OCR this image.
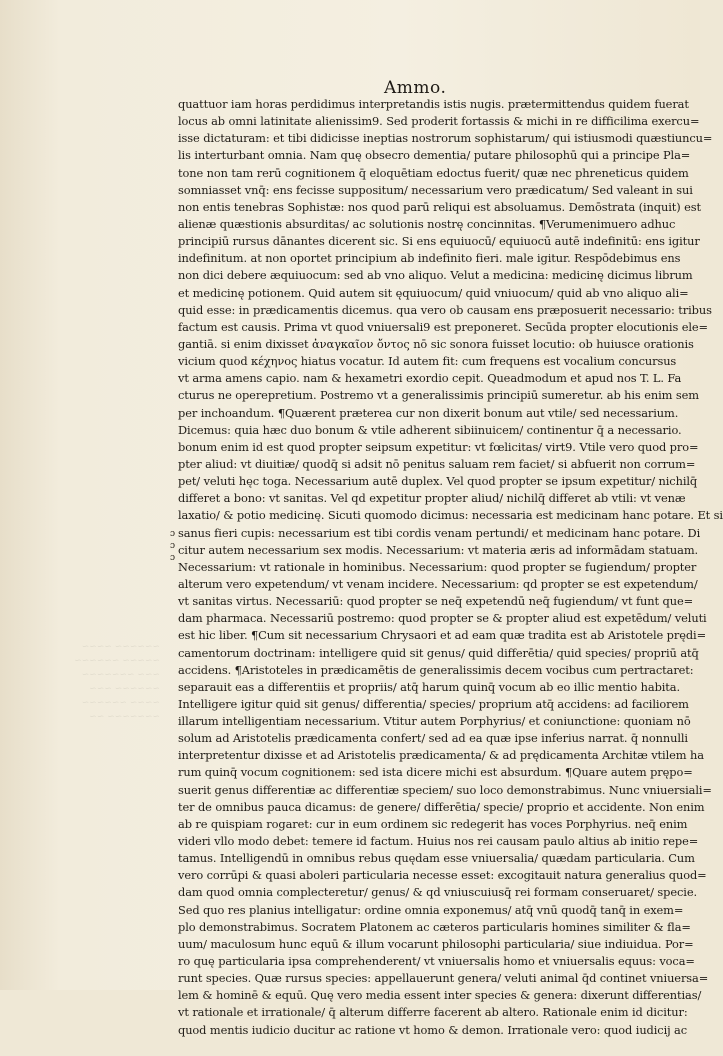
~~~~~~ ~~~~
~~~~~ ~~~~~~
~~~ ~~~~~~~
~~~~~~ ~~~
~~~~ ~~~~~~
~~~~~~~ ~~
Ammo.
ɔ
ɔ
ɔ
quattuor iam horas perdidimus interpretandis istis nugis. prætermittendus quidem fuerat
locus ab omni latinitate alienissim9. Sed proderit fortassis & michi in re difficilima exercu=
isse dictaturam: et tibi didicisse ineptias nostrorum sophistarum/ qui istiusmodi quæstiuncu=
lis interturbant omnia. Nam quę obsecro dementia/ putare philosophū qui a principe Pla=
tone non tam rerū cognitionem q̄ eloquētiam edoctus fuerit/ quæ nec phreneticus quidem
somniasset vnq̄: ens fecisse suppositum/ necessarium vero prædicatum/ Sed valeant in sui
non entis tenebras Sophistæ: nos quod parū reliqui est absoluamus. Demōstrata (inquit) est
alienæ quæstionis absurditas/ ac solutionis nostrę concinnitas. ¶Verumenimuero adhuc
principiū rursus dānantes dicerent sic. Si ens equiuocū/ equiuocū autē indefinitū: ens igitur
indefinitum. at non oportet principium ab indefinito fieri. male igitur. Respōdebimus ens
non dici debere æquiuocum: sed ab vno aliquo. Velut a medicina: medicinę dicimus librum
et medicinę potionem. Quid autem sit ęquiuocum/ quid vniuocum/ quid ab vno aliquo ali=
quid esse: in prædicamentis dicemus. qua vero ob causam ens præposuerit necessario: tribus
factum est causis. Prima vt quod vniuersali9 est preponeret. Secūda propter elocutionis ele=
gantiā. si enim dixisset ἀναγκαῖον ὄντος nō sic sonora fuisset locutio: ob huiusce orationis
vicium quod κέχηνος hiatus vocatur. Id autem fit: cum frequens est vocalium concursus
vt arma amens capio. nam & hexametri exordio cepit. Queadmodum et apud nos T. L. Fa
cturus ne operepretium. Postremo vt a generalissimis principiū sumeretur. ab his enim sem
per inchoandum. ¶Quærent præterea cur non dixerit bonum aut vtile/ sed necessarium.
Dicemus: quia hæc duo bonum & vtile adherent sibiinuicem/ continentur q̄ a necessario.
bonum enim id est quod propter seipsum expetitur: vt fœlicitas/ virt9. Vtile vero quod pro=
pter aliud: vt diuitiæ/ quodq̄ si adsit nō penitus saluam rem faciet/ si abfuerit non corrum=
pet/ veluti hęc toga. Necessarium autē duplex. Vel quod propter se ipsum expetitur/ nichilq̄
differet a bono: vt sanitas. Vel qd expetitur propter aliud/ nichilq̄ differet ab vtili: vt venæ
laxatio/ & potio medicinę. Sicuti quomodo dicimus: necessaria est medicinam hanc potare. Et si
sanus fieri cupis: necessarium est tibi cordis venam pertundi/ et medicinam hanc potare. Di
citur autem necessarium sex modis. Necessarium: vt materia æris ad informādam statuam.
Necessarium: vt rationale in hominibus. Necessarium: quod propter se fugiendum/ propter
alterum vero expetendum/ vt venam incidere. Necessarium: qd propter se est expetendum/
vt sanitas virtus. Necessariū: quod propter se neq̄ expetendū neq̄ fugiendum/ vt funt que=
dam pharmaca. Necessariū postremo: quod propter se & propter aliud est expetēdum/ veluti
est hic liber. ¶Cum sit necessarium Chrysaori et ad eam quæ tradita est ab Aristotele prędi=
camentorum doctrinam: intelligere quid sit genus/ quid differētia/ quid species/ propriū atq̄
accidens. ¶Aristoteles in prædicamētis de generalissimis decem vocibus cum pertractaret:
separauit eas a differentiis et propriis/ atq̄ harum quinq̄ vocum ab eo illic mentio habita.
Intelligere igitur quid sit genus/ differentia/ species/ proprium atq̄ accidens: ad faciliorem
illarum intelligentiam necessarium. Vtitur autem Porphyrius/ et coniunctione: quoniam nō
solum ad Aristotelis prædicamenta confert/ sed ad ea quæ ipse inferius narrat. q̄ nonnulli
interpretentur dixisse et ad Aristotelis prædicamenta/ & ad prędicamenta Architæ vtilem ha
rum quinq̄ vocum cognitionem: sed ista dicere michi est absurdum. ¶Quare autem prępo=
suerit genus differentiæ ac differentiæ speciem/ suo loco demonstrabimus. Nunc vniuersiali=
ter de omnibus pauca dicamus: de genere/ differētia/ specie/ proprio et accidente. Non enim
ab re quispiam rogaret: cur in eum ordinem sic redegerit has voces Porphyrius. neq̄ enim
videri vllo modo debet: temere id factum. Huius nos rei causam paulo altius ab initio repe=
tamus. Intelligendū in omnibus rebus quędam esse vniuersalia/ quædam particularia. Cum
vero corrūpi & quasi aboleri particularia necesse esset: excogitauit natura generalius quod=
dam quod omnia complecteretur/ genus/ & qd vniuscuiusq̄ rei formam conseruaret/ specie.
Sed quo res planius intelligatur: ordine omnia exponemus/ atq̄ vnū quodq̄ tanq̄ in exem=
plo demonstrabimus. Socratem Platonem ac cæteros particularis homines similiter & fla=
uum/ maculosum hunc equū & illum vocarunt philosophi particularia/ siue indiuidua. Por=
ro quę particularia ipsa comprehenderent/ vt vniuersalis homo et vniuersalis equus: voca=
runt species. Quæ rursus species: appellauerunt genera/ veluti animal q̄d continet vniuersa=
lem & hominē & equū. Quę vero media essent inter species & genera: dixerunt differentias/
vt rationale et irrationale/ q̄ alterum differre facerent ab altero. Rationale enim id dicitur:
quod mentis iudicio ducitur ac ratione vt homo & demon. Irrationale vero: quod iudicij ac
